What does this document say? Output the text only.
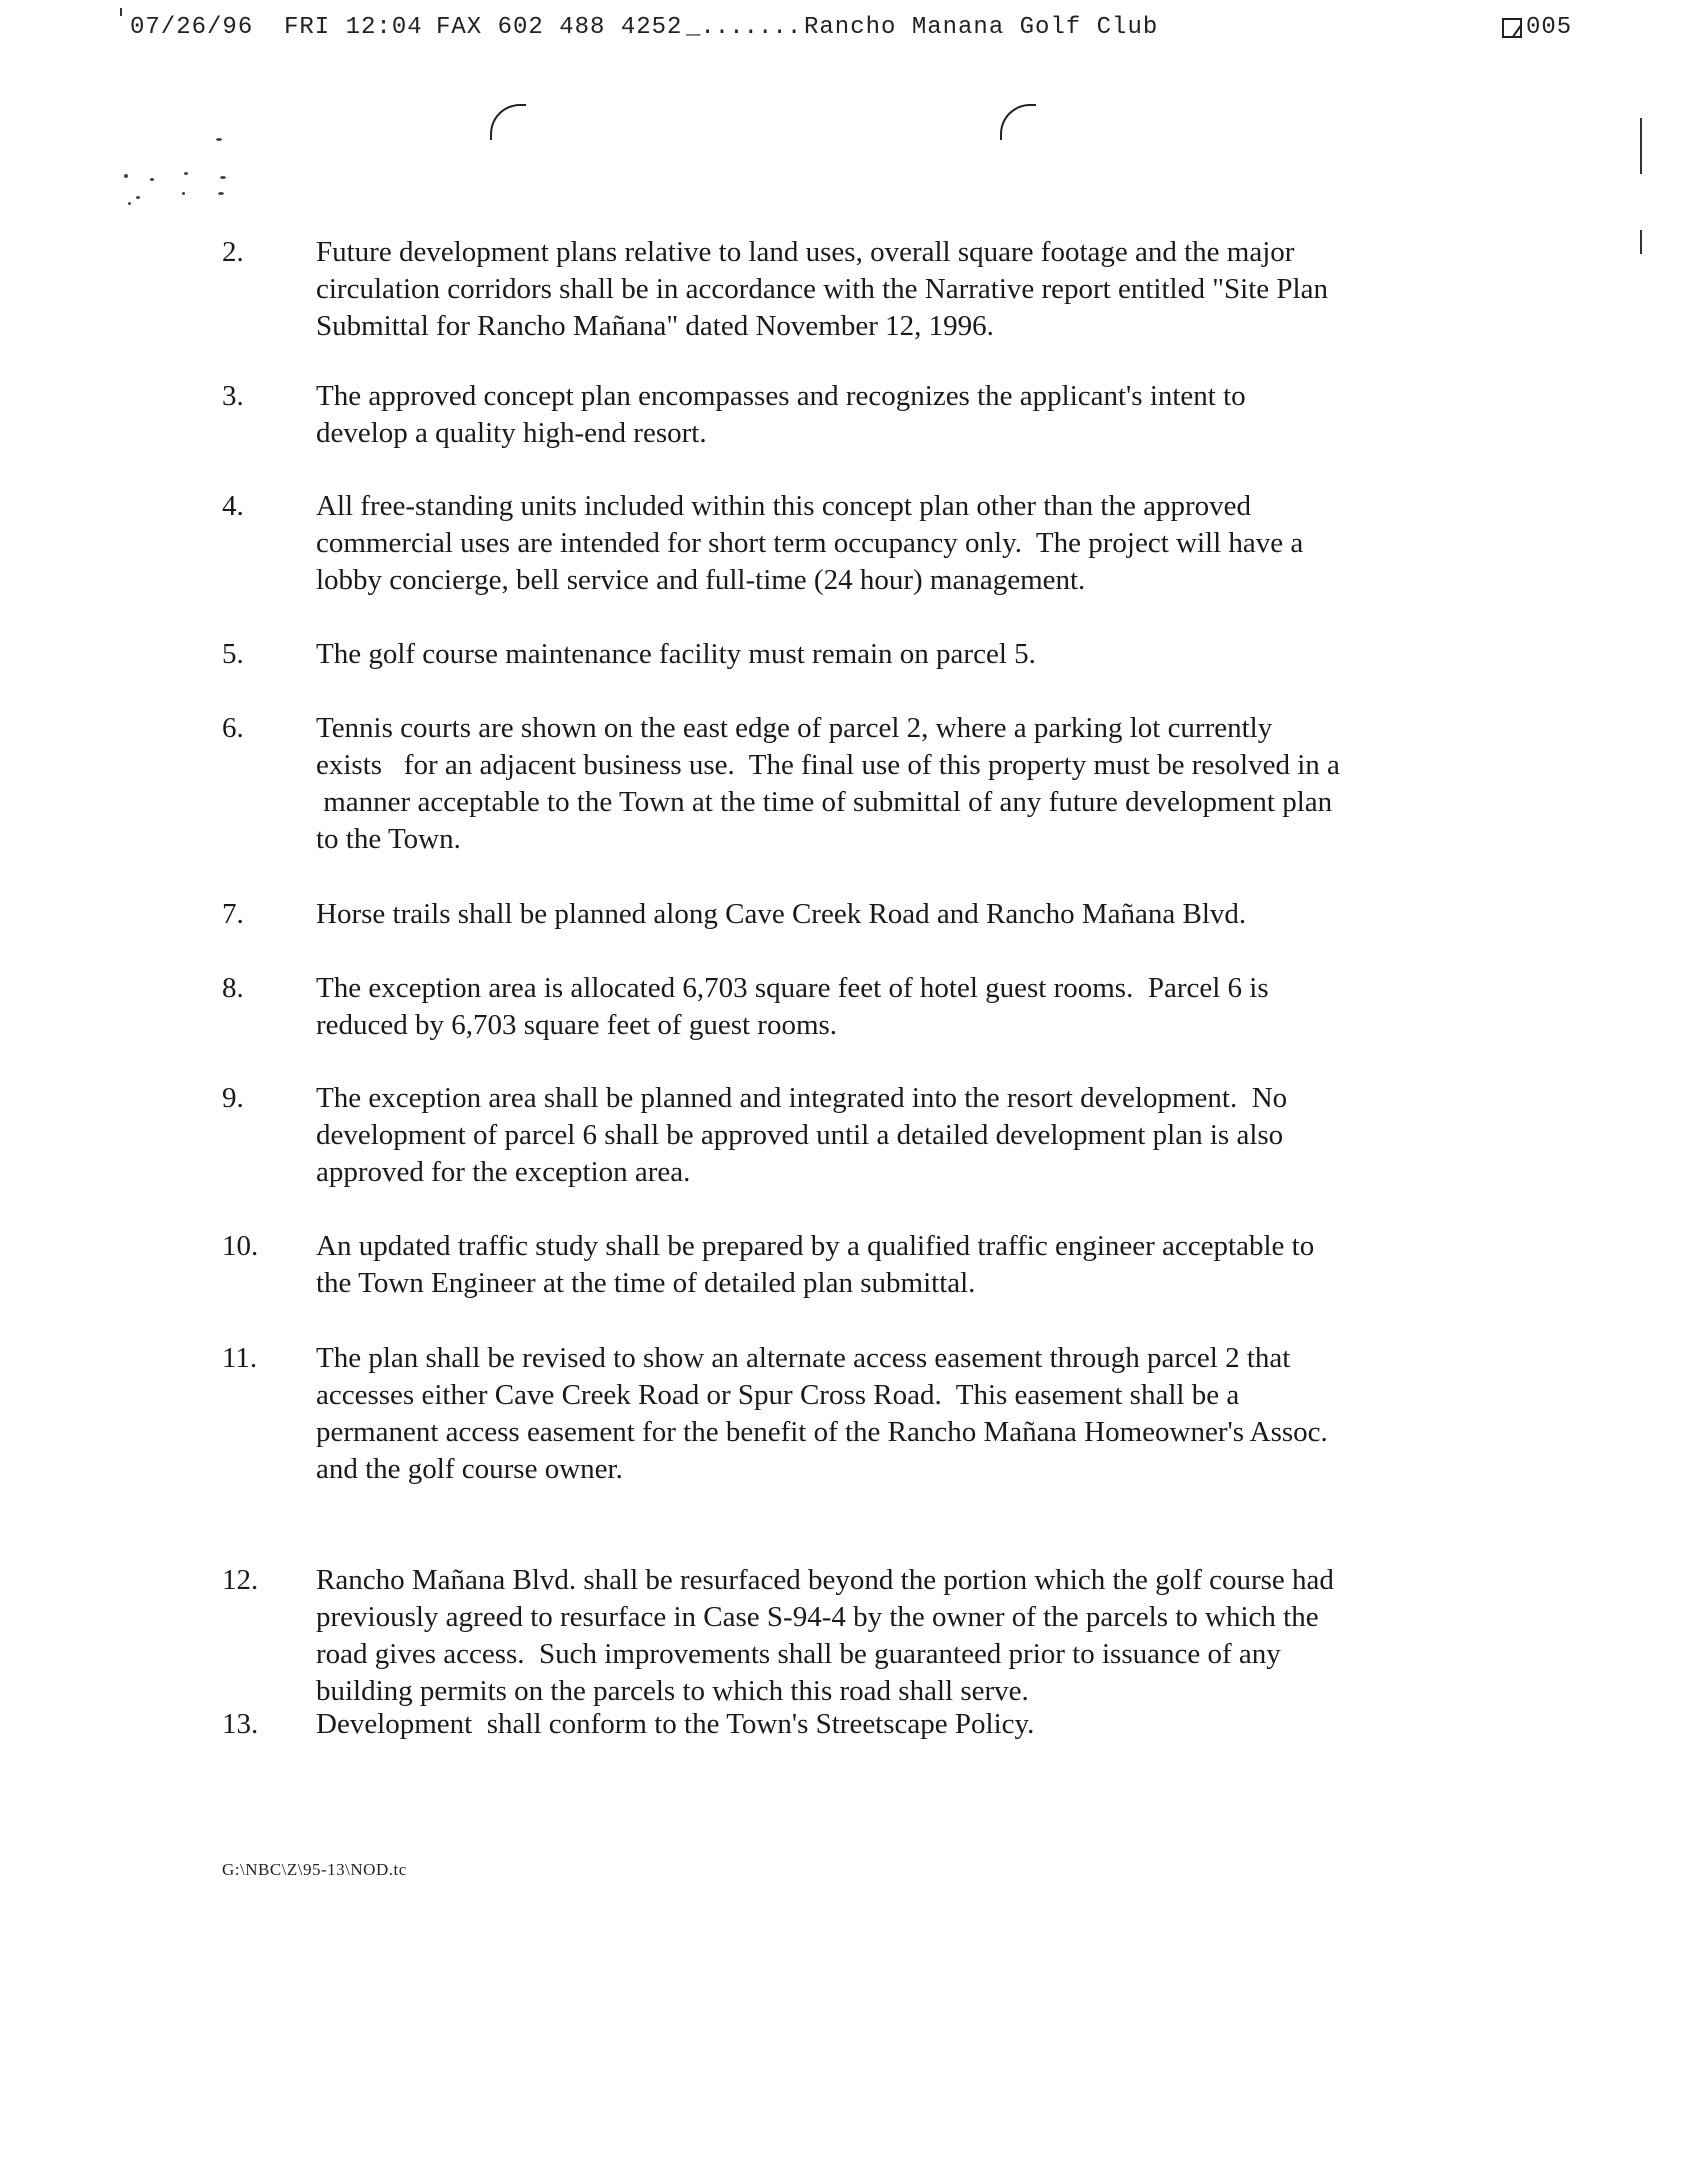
07/26/96 FRI 12:04 FAX 602 488 4252 _....... Rancho Manana Golf Club	005
2. Future development plans relative to land uses, overall square footage and the major
circulation corridors shall be in accordance with the Narrative report entitled "Site Plan
Submittal for Rancho Mañana" dated November 12, 1996.
3. The approved concept plan encompasses and recognizes the applicant's intent to
develop a quality high-end resort.
4. All free-standing units included within this concept plan other than the approved
commercial uses are intended for short term occupancy only.  The project will have a
lobby concierge, bell service and full-time (24 hour) management.
5. The golf course maintenance facility must remain on parcel 5.
6. Tennis courts are shown on the east edge of parcel 2, where a parking lot currently
exists   for an adjacent business use.  The final use of this property must be resolved in a
manner acceptable to the Town at the time of submittal of any future development plan
to the Town.
7. Horse trails shall be planned along Cave Creek Road and Rancho Mañana Blvd.
8. The exception area is allocated 6,703 square feet of hotel guest rooms.  Parcel 6 is
reduced by 6,703 square feet of guest rooms.
9. The exception area shall be planned and integrated into the resort development.  No
development of parcel 6 shall be approved until a detailed development plan is also
approved for the exception area.
10. An updated traffic study shall be prepared by a qualified traffic engineer acceptable to
the Town Engineer at the time of detailed plan submittal.
11. The plan shall be revised to show an alternate access easement through parcel 2 that
accesses either Cave Creek Road or Spur Cross Road.  This easement shall be a
permanent access easement for the benefit of the Rancho Mañana Homeowner's Assoc.
and the golf course owner.
12. Rancho Mañana Blvd. shall be resurfaced beyond the portion which the golf course had
previously agreed to resurface in Case S-94-4 by the owner of the parcels to which the
road gives access.  Such improvements shall be guaranteed prior to issuance of any
building permits on the parcels to which this road shall serve.
13. Development  shall conform to the Town's Streetscape Policy.
G:\NBC\Z\95-13\NOD.tc
